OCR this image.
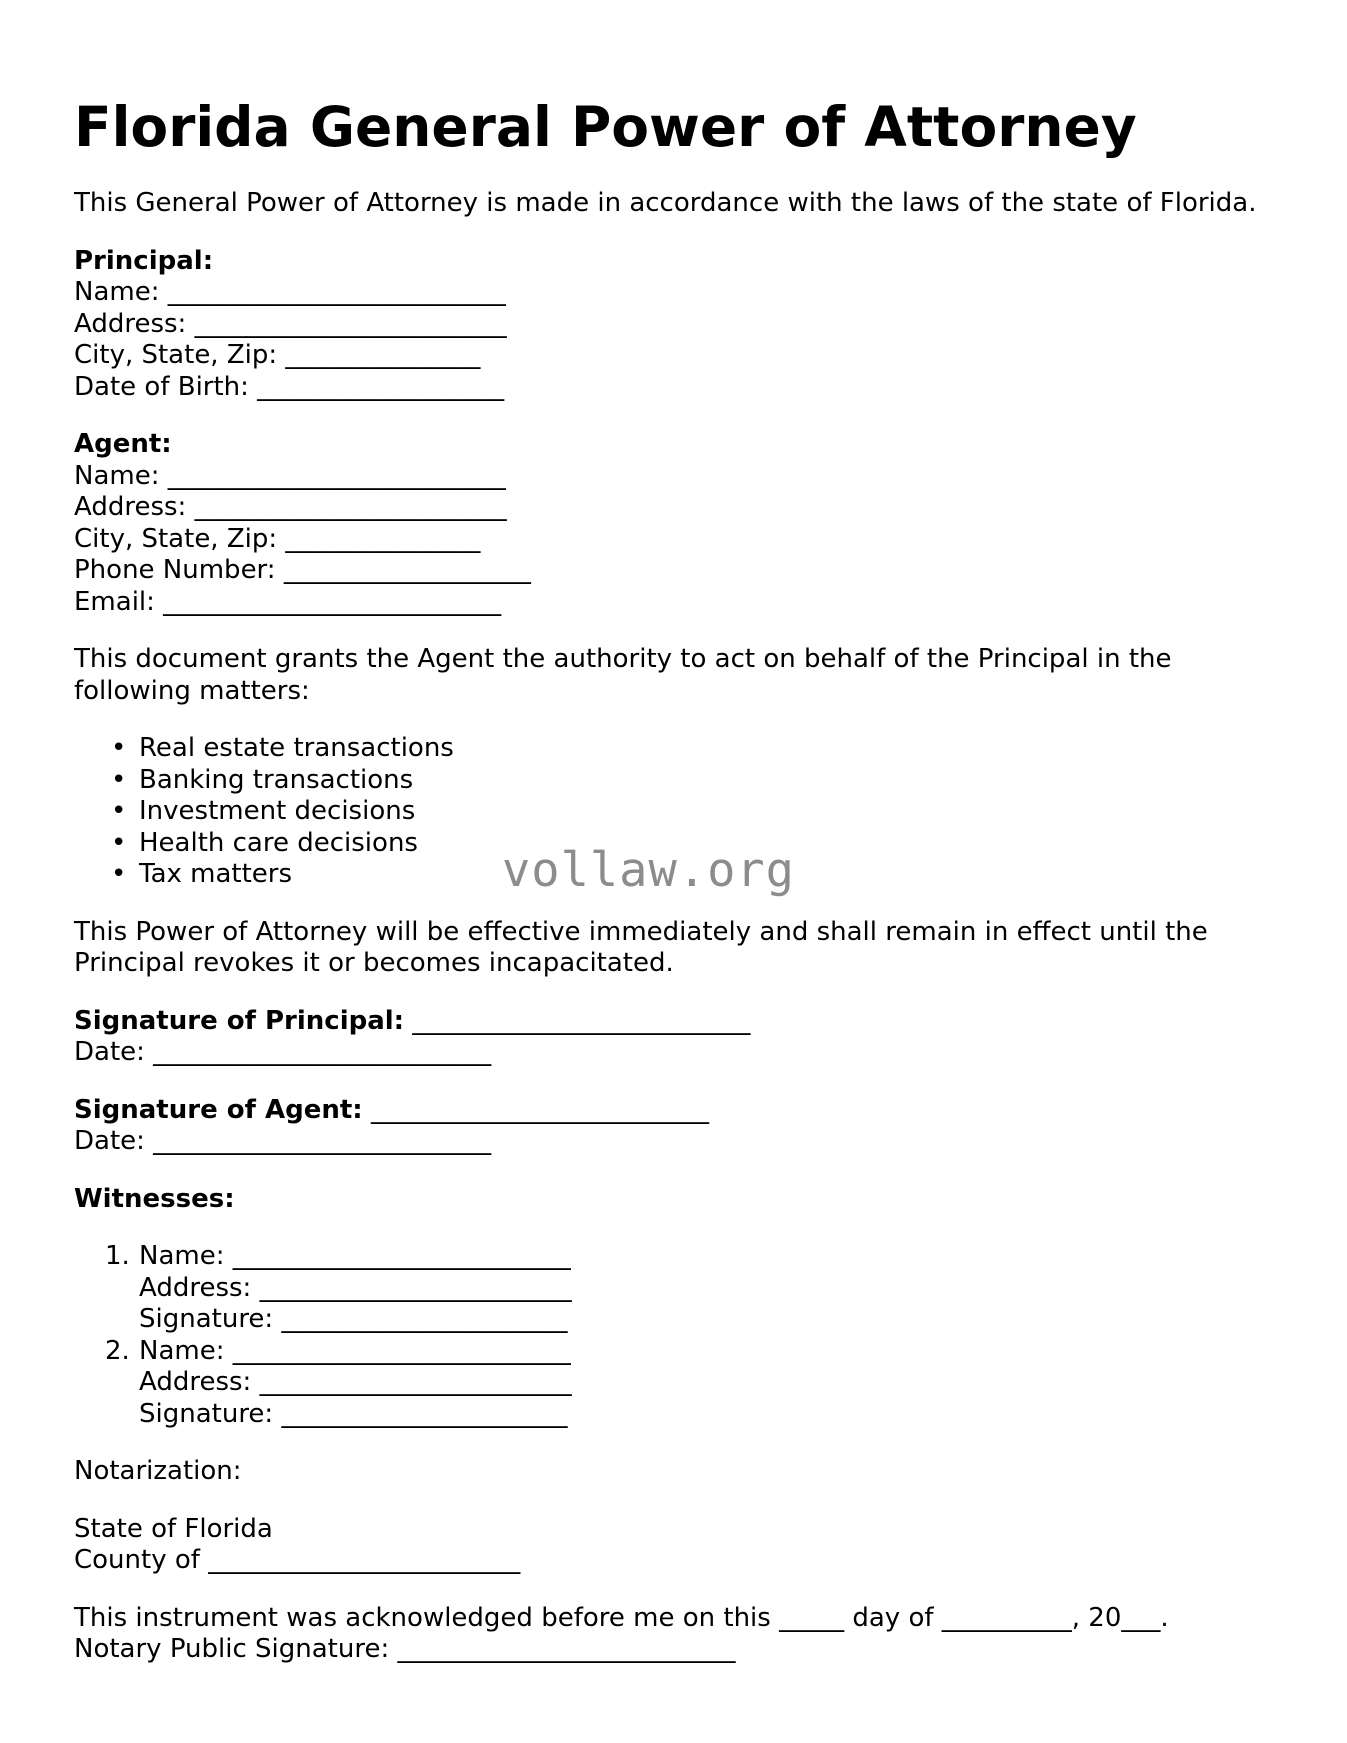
Florida General Power of Attorney
This General Power of Attorney is made in accordance with the laws of the state of Florida.
Principal:
Name: __________________________
Address: ________________________
City, State, Zip: _______________
Date of Birth: ___________________
Agent:
Name: __________________________
Address: ________________________
City, State, Zip: _______________
Phone Number: ___________________
Email: __________________________
This document grants the Agent the authority to act on behalf of the Principal in the
following matters:
• Real estate transactions
• Banking transactions
• Investment decisions
• Health care decisions
• Tax matters
This Power of Attorney will be effective immediately and shall remain in effect until the
Principal revokes it or becomes incapacitated.
Signature of Principal: __________________________
Date: __________________________
Signature of Agent: __________________________
Date: __________________________
Witnesses:
1. Name: __________________________
Address: ________________________
Signature: ______________________
2. Name: __________________________
Address: ________________________
Signature: ______________________
Notarization:
State of Florida
County of ________________________
This instrument was acknowledged before me on this _____ day of __________, 20___.
Notary Public Signature: __________________________
vollaw.org
